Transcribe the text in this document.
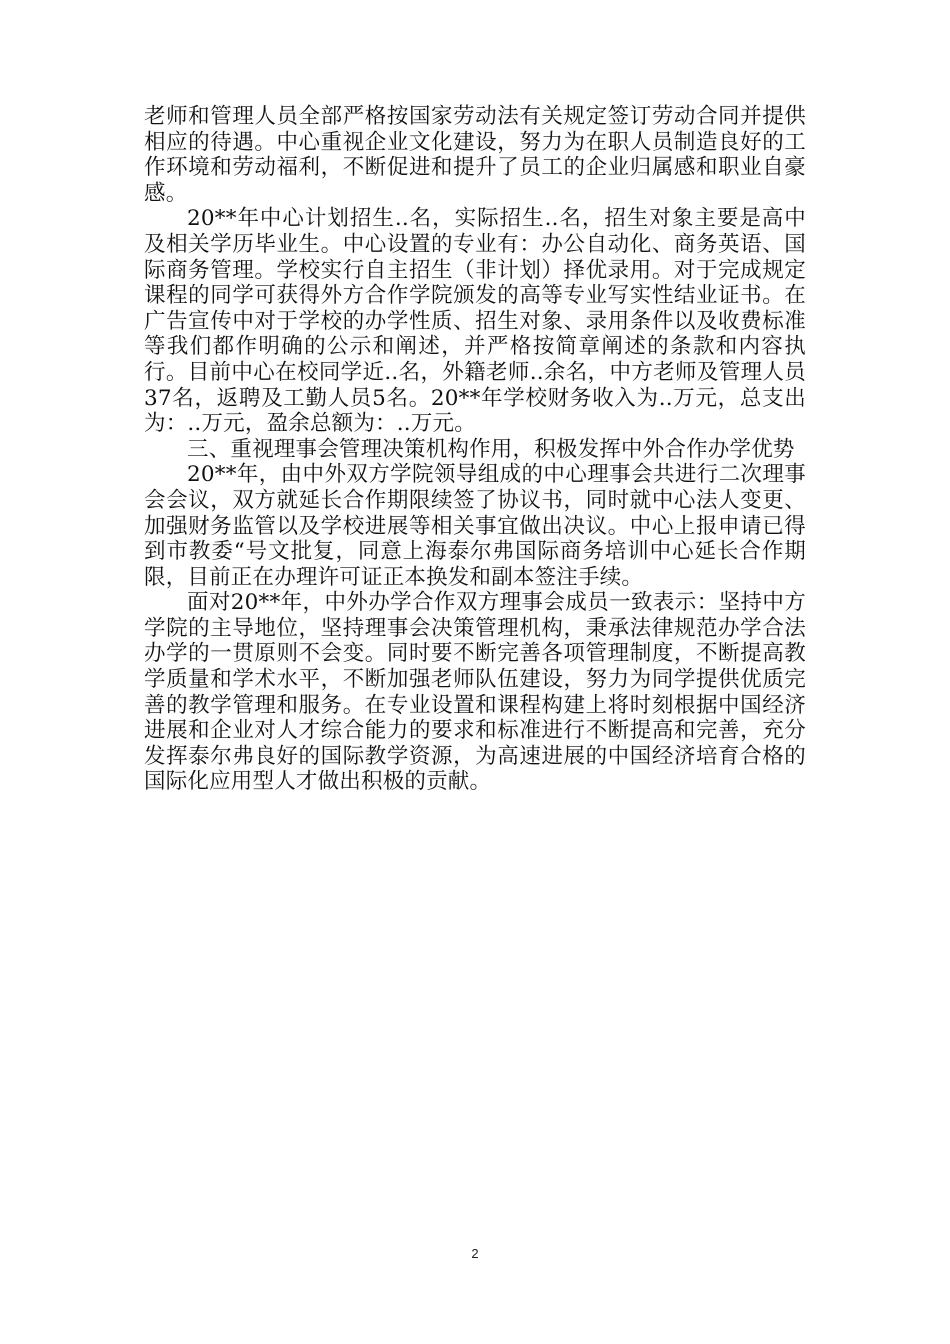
老师和管理人员全部严格按国家劳动法有关规定签订劳动合同并提供相应的待遇。中心重视企业文化建设，努力为在职人员制造良好的工作环境和劳动福利，不断促进和提升了员工的企业归属感和职业自豪感。

20**年中心计划招生..名，实际招生..名，招生对象主要是高中及相关学历毕业生。中心设置的专业有：办公自动化、商务英语、国际商务管理。学校实行自主招生（非计划）择优录用。对于完成规定课程的同学可获得外方合作学院颁发的高等专业写实性结业证书。在广告宣传中对于学校的办学性质、招生对象、录用条件以及收费标准等我们都作明确的公示和阐述，并严格按简章阐述的条款和内容执行。目前中心在校同学近..名，外籍老师..余名，中方老师及管理人员37名，返聘及工勤人员5名。20**年学校财务收入为..万元，总支出为：..万元，盈余总额为：..万元。

三、重视理事会管理决策机构作用，积极发挥中外合作办学优势

20**年，由中外双方学院领导组成的中心理事会共进行二次理事会会议，双方就延长合作期限续签了协议书，同时就中心法人变更、加强财务监管以及学校进展等相关事宜做出决议。中心上报申请已得到市教委“号文批复，同意上海泰尔弗国际商务培训中心延长合作期限，目前正在办理许可证正本换发和副本签注手续。

面对20**年，中外办学合作双方理事会成员一致表示：坚持中方学院的主导地位，坚持理事会决策管理机构，秉承法律规范办学合法办学的一贯原则不会变。同时要不断完善各项管理制度，不断提高教学质量和学术水平，不断加强老师队伍建设，努力为同学提供优质完善的教学管理和服务。在专业设置和课程构建上将时刻根据中国经济进展和企业对人才综合能力的要求和标准进行不断提高和完善，充分发挥泰尔弗良好的国际教学资源，为高速进展的中国经济培育合格的国际化应用型人才做出积极的贡献。

2
